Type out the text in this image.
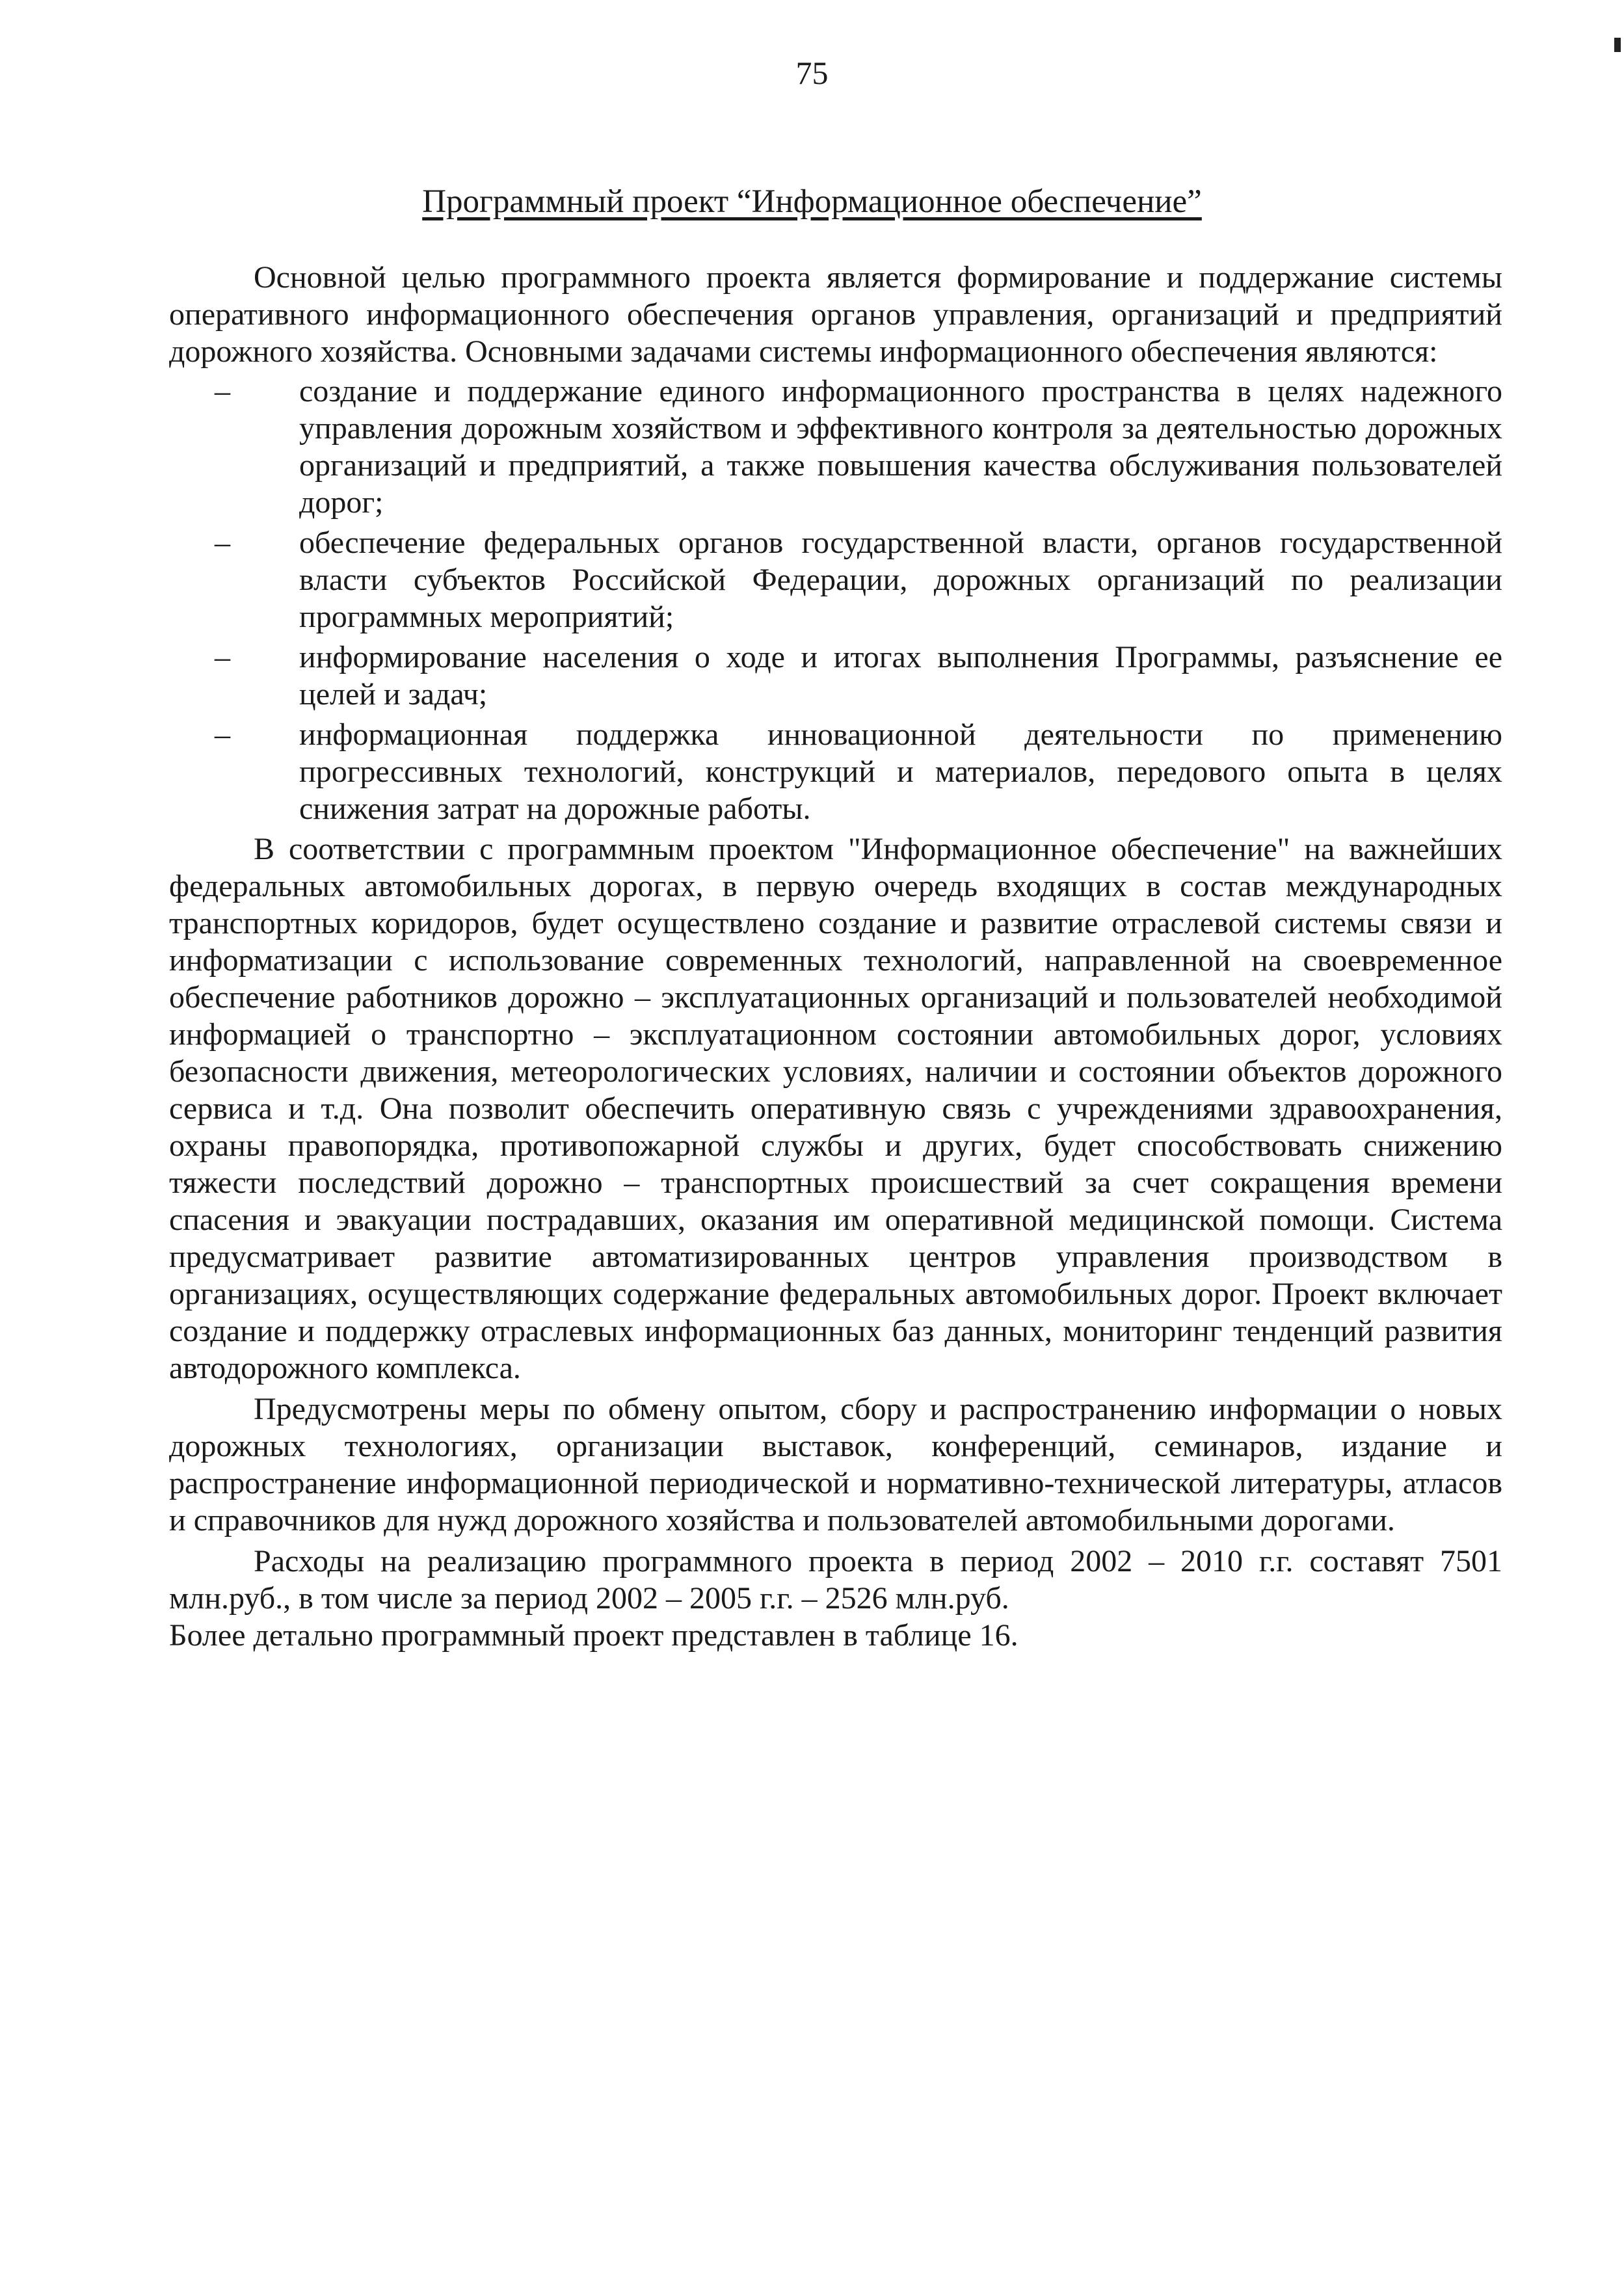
75
Программный проект “Информационное обеспечение”

Основной целью программного проекта является формирование и поддержание системы оперативного информационного обеспечения органов управления, организаций и предприятий дорожного хозяйства. Основными задачами системы информационного обеспечения являются:

– создание и поддержание единого информационного пространства в целях надежного управления дорожным хозяйством и эффективного контроля за деятельностью дорожных организаций и предприятий, а также повышения качества обслуживания пользователей дорог;
– обеспечение федеральных органов государственной власти, органов государственной власти субъектов Российской Федерации, дорожных организаций по реализации программных мероприятий;
– информирование населения о ходе и итогах выполнения Программы, разъяснение ее целей и задач;
– информационная поддержка инновационной деятельности по применению прогрессивных технологий, конструкций и материалов, передового опыта в целях снижения затрат на дорожные работы.

В соответствии с программным проектом "Информационное обеспечение" на важнейших федеральных автомобильных дорогах, в первую очередь входящих в состав международных транспортных коридоров, будет осуществлено создание и развитие отраслевой системы связи и информатизации с использование современных технологий, направленной на своевременное обеспечение работников дорожно – эксплуатационных организаций и пользователей необходимой информацией о транспортно – эксплуатационном состоянии автомобильных дорог, условиях безопасности движения, метеорологических условиях, наличии и состоянии объектов дорожного сервиса и т.д. Она позволит обеспечить оперативную связь с учреждениями здравоохранения, охраны правопорядка, противопожарной службы и других, будет способствовать снижению тяжести последствий дорожно – транспортных происшествий за счет сокращения времени спасения и эвакуации пострадавших, оказания им оперативной медицинской помощи. Система предусматривает развитие автоматизированных центров управления производством в организациях, осуществляющих содержание федеральных автомобильных дорог. Проект включает создание и поддержку отраслевых информационных баз данных, мониторинг тенденций развития автодорожного комплекса.

Предусмотрены меры по обмену опытом, сбору и распространению информации о новых дорожных технологиях, организации выставок, конференций, семинаров, издание и распространение информационной периодической и нормативно-технической литературы, атласов и справочников для нужд дорожного хозяйства и пользователей автомобильными дорогами.

Расходы на реализацию программного проекта в период 2002 – 2010 г.г. составят 7501 млн.руб., в том числе за период 2002 – 2005 г.г. – 2526 млн.руб.

Более детально программный проект представлен в таблице 16.
